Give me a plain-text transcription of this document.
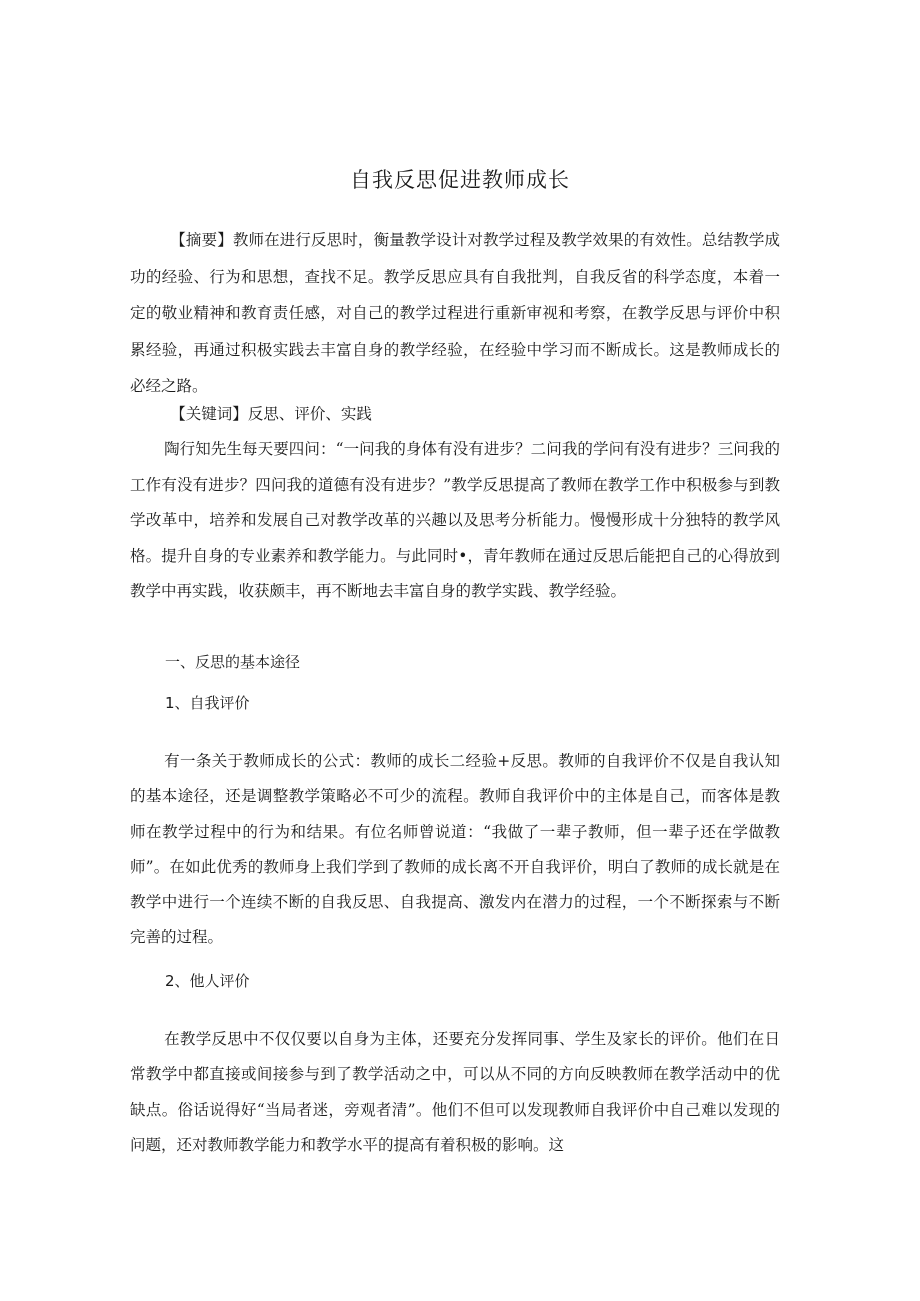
自我反思促进教师成长

【摘要】教师在进行反思时，衡量教学设计对教学过程及教学效果的有效性。总结教学成功的经验、行为和思想，查找不足。教学反思应具有自我批判，自我反省的科学态度，本着一定的敬业精神和教育责任感，对自己的教学过程进行重新审视和考察，在教学反思与评价中积累经验，再通过积极实践去丰富自身的教学经验，在经验中学习而不断成长。这是教师成长的必经之路。

【关键词】反思、评价、实践

陶行知先生每天要四问：“一问我的身体有没有进步？二问我的学问有没有进步？三问我的工作有没有进步？四问我的道德有没有进步？”教学反思提高了教师在教学工作中积极参与到教学改革中，培养和发展自己对教学改革的兴趣以及思考分析能力。慢慢形成十分独特的教学风格。提升自身的专业素养和教学能力。与此同时•，青年教师在通过反思后能把自己的心得放到教学中再实践，收获颇丰，再不断地去丰富自身的教学实践、教学经验。

一、反思的基本途径
1、自我评价

有一条关于教师成长的公式：教师的成长二经验+反思。教师的自我评价不仅是自我认知的基本途径，还是调整教学策略必不可少的流程。教师自我评价中的主体是自己，而客体是教师在教学过程中的行为和结果。有位名师曾说道：“我做了一辈子教师，但一辈子还在学做教师”。在如此优秀的教师身上我们学到了教师的成长离不开自我评价，明白了教师的成长就是在教学中进行一个连续不断的自我反思、自我提高、激发内在潜力的过程，一个不断探索与不断完善的过程。

2、他人评价

在教学反思中不仅仅要以自身为主体，还要充分发挥同事、学生及家长的评价。他们在日常教学中都直接或间接参与到了教学活动之中，可以从不同的方向反映教师在教学活动中的优缺点。俗话说得好“当局者迷，旁观者清”。他们不但可以发现教师自我评价中自己难以发现的问题，还对教师教学能力和教学水平的提高有着积极的影响。这
